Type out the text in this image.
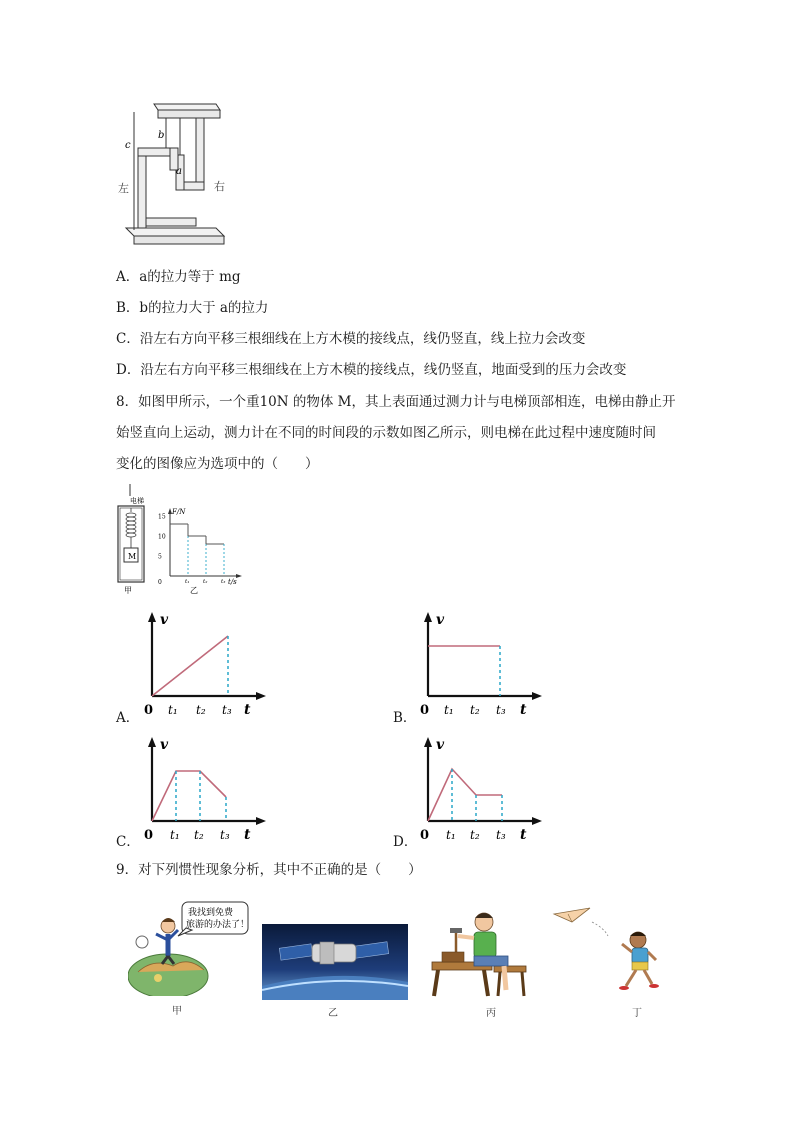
b
c
a
左	右
A．a的拉力等于 mg
B．b的拉力大于 a的拉力
C．沿左右方向平移三根细线在上方木模的接线点，线仍竖直，线上拉力会改变
D．沿左右方向平移三根细线在上方木模的接线点，线仍竖直，地面受到的压力会改变
8．如图甲所示，一个重10N 的物体 M，其上表面通过测力计与电梯顶部相连，电梯由静止开
始竖直向上运动，测力计在不同的时间段的示数如图乙所示，则电梯在此过程中速度随时间
变化的图像应为选项中的（　　）
电梯
M
甲
F/N
t/s
0
15
10
5
t₁ t₂ t₃
乙
v
0 t₁ t₂ t₃ t
A．
v
0 t₁ t₂ t₃ t
B．
v
0 t₁ t₂ t₃ t
C．
v
0 t₁ t₂ t₃ t
D．
9．对下列惯性现象分析，其中不正确的是（　　）
我找到免费
旅游的办法了！
甲	乙	丙	丁
